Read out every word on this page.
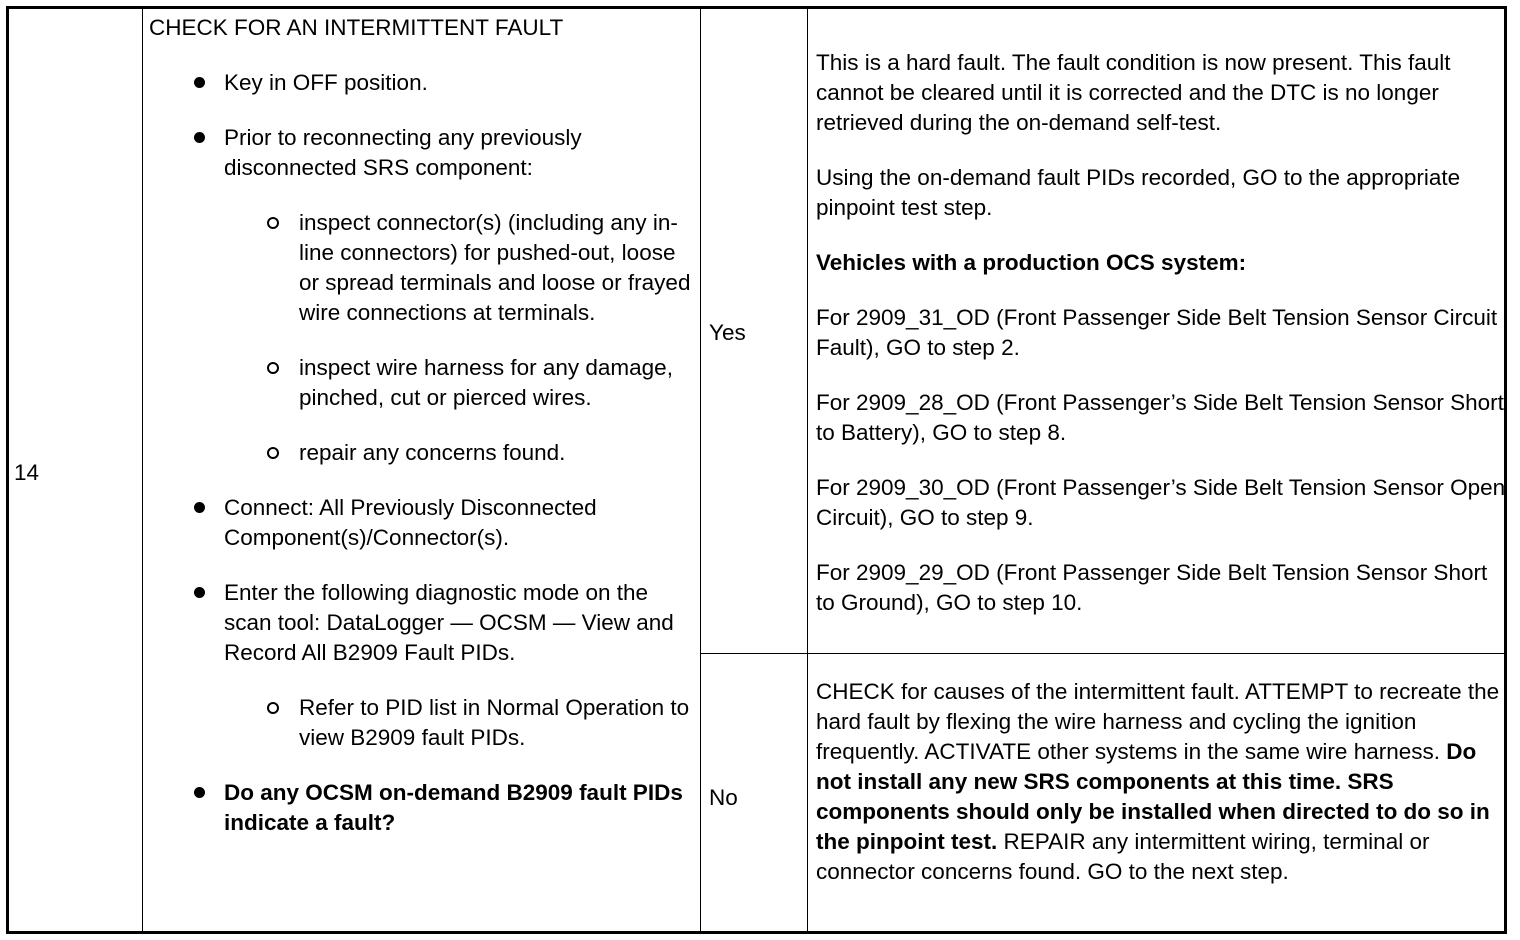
14

CHECK FOR AN INTERMITTENT FAULT

Key in OFF position.
Prior to reconnecting any previously disconnected SRS component:
inspect connector(s) (including any in-line connectors) for pushed-out, loose or spread terminals and loose or frayed wire connections at terminals.
inspect wire harness for any damage, pinched, cut or pierced wires.
repair any concerns found.
Connect: All Previously Disconnected Component(s)/Connector(s).
Enter the following diagnostic mode on the scan tool: DataLogger — OCSM — View and Record All B2909 Fault PIDs.
Refer to PID list in Normal Operation to view B2909 fault PIDs.
Do any OCSM on-demand B2909 fault PIDs indicate a fault?
Yes
No

This is a hard fault. The fault condition is now present. This fault cannot be cleared until it is corrected and the DTC is no longer retrieved during the on-demand self-test.

Using the on-demand fault PIDs recorded, GO to the appropriate pinpoint test step.

Vehicles with a production OCS system:

For 2909_31_OD (Front Passenger Side Belt Tension Sensor Circuit Fault), GO to step 2.

For 2909_28_OD (Front Passenger’s Side Belt Tension Sensor Short to Battery), GO to step 8.

For 2909_30_OD (Front Passenger’s Side Belt Tension Sensor Open Circuit), GO to step 9.

For 2909_29_OD (Front Passenger Side Belt Tension Sensor Short to Ground), GO to step 10.

CHECK for causes of the intermittent fault. ATTEMPT to recreate the hard fault by flexing the wire harness and cycling the ignition frequently. ACTIVATE other systems in the same wire harness. Do not install any new SRS components at this time. SRS components should only be installed when directed to do so in the pinpoint test. REPAIR any intermittent wiring, terminal or connector concerns found. GO to the next step.
